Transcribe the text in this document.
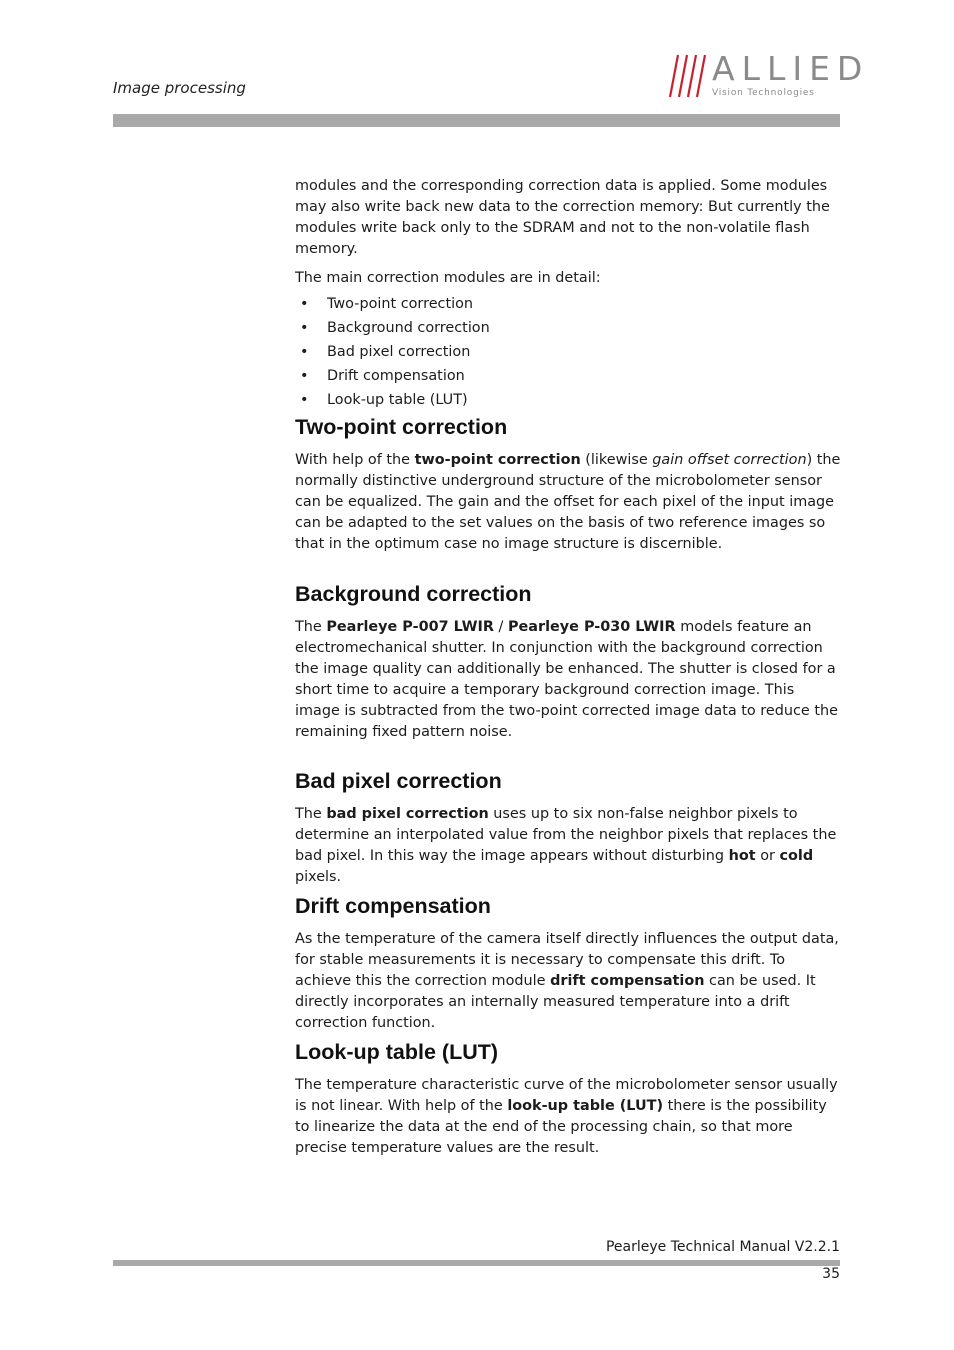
Image processing	ALLIED
Vision Technologies

modules and the corresponding correction data is applied. Some modules may also write back new data to the correction memory: But currently the modules write back only to the SDRAM and not to the non-volatile flash memory.

The main correction modules are in detail:

• Two-point correction
• Background correction
• Bad pixel correction
• Drift compensation
• Look-up table (LUT)
Two-point correction

With help of the two-point correction (likewise gain offset correction) the normally distinctive underground structure of the microbolometer sensor can be equalized. The gain and the offset for each pixel of the input image can be adapted to the set values on the basis of two reference images so that in the optimum case no image structure is discernible.

Background correction

The Pearleye P-007 LWIR / Pearleye P-030 LWIR models feature an electromechanical shutter. In conjunction with the background correction the image quality can additionally be enhanced. The shutter is closed for a short time to acquire a temporary background correction image. This image is subtracted from the two-point corrected image data to reduce the remaining fixed pattern noise.

Bad pixel correction

The bad pixel correction uses up to six non-false neighbor pixels to determine an interpolated value from the neighbor pixels that replaces the bad pixel. In this way the image appears without disturbing hot or cold pixels.

Drift compensation

As the temperature of the camera itself directly influences the output data, for stable measurements it is necessary to compensate this drift. To achieve this the correction module drift compensation can be used. It directly incorporates an internally measured temperature into a drift correction function.

Look-up table (LUT)

The temperature characteristic curve of the microbolometer sensor usually is not linear. With help of the look-up table (LUT) there is the possibility to linearize the data at the end of the processing chain, so that more precise temperature values are the result.

Pearleye Technical Manual V2.2.1
35
